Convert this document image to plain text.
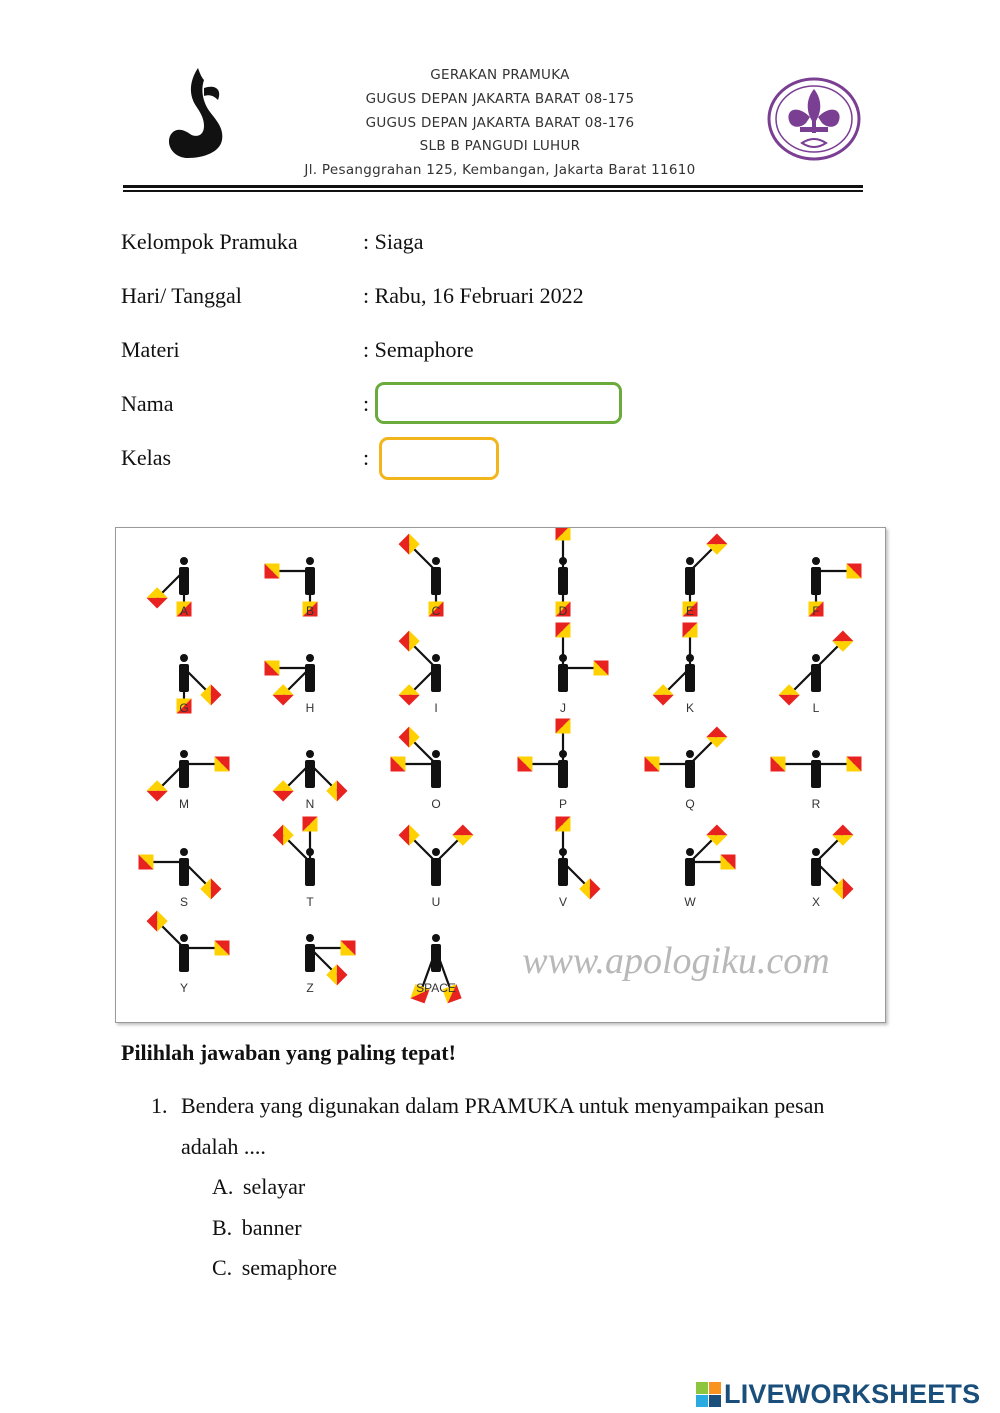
GERAKAN PRAMUKA
GUGUS DEPAN JAKARTA BARAT 08-175
GUGUS DEPAN JAKARTA BARAT 08-176
SLB B PANGUDI LUHUR
Jl. Pesanggrahan 125, Kembangan, Jakarta Barat 11610
Kelompok Pramuka	: Siaga
Hari/ Tanggal	: Rabu, 16 Februari 2022
Materi	: Semaphore
Nama	:
Kelas	:
A	B	C	D	E	F
G	H	I	J	K	L
M	N	O	P	Q	R
S	T	U	V	W	X
Y	Z	SPACE
www.apologiku.com
Pilihlah jawaban yang paling tepat!
1. Bendera yang digunakan dalam PRAMUKA untuk menyampaikan pesan
adalah ....
A. selayar
B. banner
C. semaphore
LIVEWORKSHEETS
